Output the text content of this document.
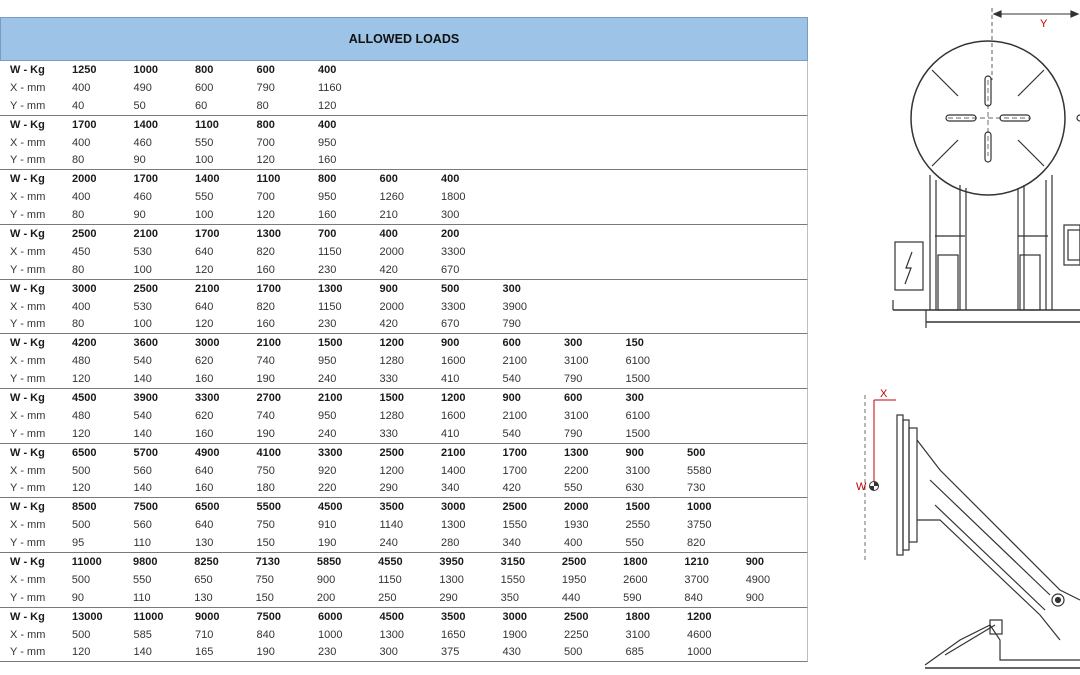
ALLOWED LOADS
W - Kg	1250	1000	800	600	400
X - mm	400	490	600	790	1160
Y - mm	40	50	60	80	120
W - Kg	1700	1400	1100	800	400
X - mm	400	460	550	700	950
Y - mm	80	90	100	120	160
W - Kg	2000	1700	1400	1100	800	600	400
X - mm	400	460	550	700	950	1260	1800
Y - mm	80	90	100	120	160	210	300
W - Kg	2500	2100	1700	1300	700	400	200
X - mm	450	530	640	820	1150	2000	3300
Y - mm	80	100	120	160	230	420	670
W - Kg	3000	2500	2100	1700	1300	900	500	300
X - mm	400	530	640	820	1150	2000	3300	3900
Y - mm	80	100	120	160	230	420	670	790
W - Kg	4200	3600	3000	2100	1500	1200	900	600	300	150
X - mm	480	540	620	740	950	1280	1600	2100	3100	6100
Y - mm	120	140	160	190	240	330	410	540	790	1500
W - Kg	4500	3900	3300	2700	2100	1500	1200	900	600	300
X - mm	480	540	620	740	950	1280	1600	2100	3100	6100
Y - mm	120	140	160	190	240	330	410	540	790	1500
W - Kg	6500	5700	4900	4100	3300	2500	2100	1700	1300	900	500
X - mm	500	560	640	750	920	1200	1400	1700	2200	3100	5580
Y - mm	120	140	160	180	220	290	340	420	550	630	730
W - Kg	8500	7500	6500	5500	4500	3500	3000	2500	2000	1500	1000
X - mm	500	560	640	750	910	1140	1300	1550	1930	2550	3750
Y - mm	95	110	130	150	190	240	280	340	400	550	820
W - Kg	11000	9800	8250	7130	5850	4550	3950	3150	2500	1800	1210	900
X - mm	500	550	650	750	900	1150	1300	1550	1950	2600	3700	4900
Y - mm	90	110	130	150	200	250	290	350	440	590	840	900
W - Kg	13000	11000	9000	7500	6000	4500	3500	3000	2500	1800	1200
X - mm	500	585	710	840	1000	1300	1650	1900	2250	3100	4600
Y - mm	120	140	165	190	230	300	375	430	500	685	1000
Y
X
W
